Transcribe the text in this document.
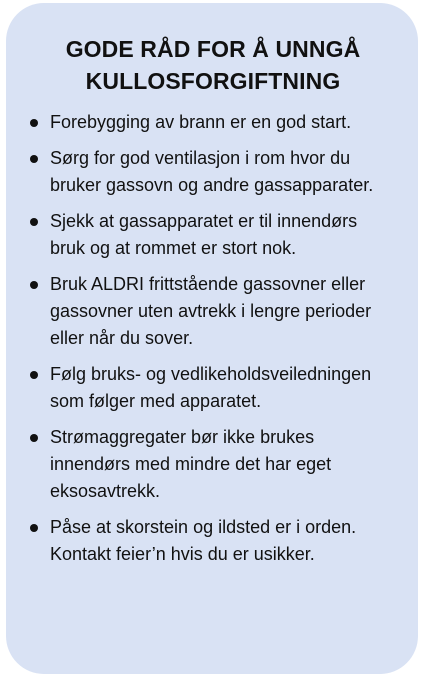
GODE RÅD FOR Å UNNGÅ
KULLOSFORGIFTNING
Forebygging av brann er en god start.
Sørg for god ventilasjon i rom hvor du bruker gassovn og andre gassapparater.
Sjekk at gassapparatet er til innendørs bruk og at rommet er stort nok.
Bruk ALDRI frittstående gassovner eller gassovner uten avtrekk i lengre perioder eller når du sover.
Følg bruks- og vedlikeholdsveiledningen som følger med apparatet.
Strømaggregater bør ikke brukes innendørs med mindre det har eget eksosavtrekk.
Påse at skorstein og ildsted er i orden. Kontakt feier’n hvis du er usikker.
